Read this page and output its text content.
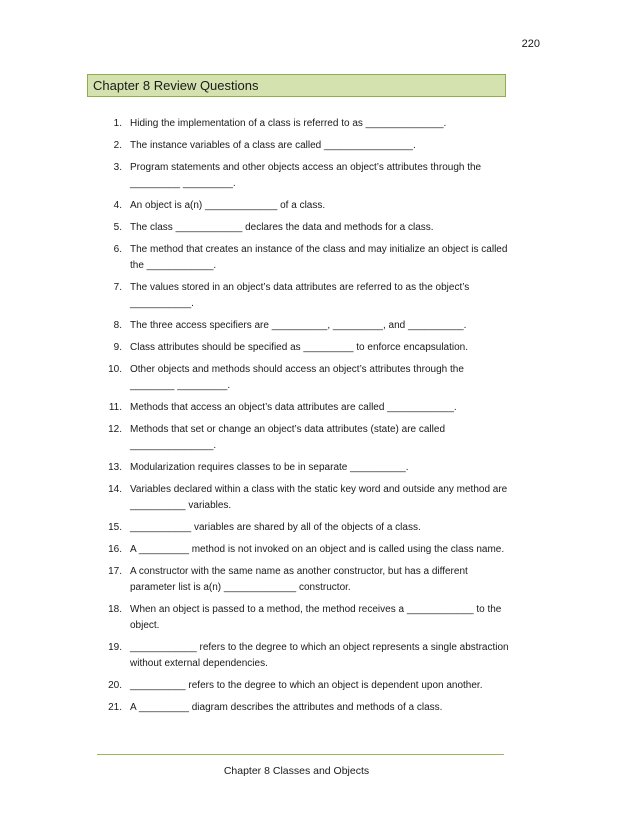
220
Chapter 8 Review Questions
1. Hiding the implementation of a class is referred to as ______________.
2. The instance variables of a class are called ________________.
3. Program statements and other objects access an object’s attributes through the _________ _________.
4. An object is a(n) _____________ of a class.
5. The class ____________ declares the data and methods for a class.
6. The method that creates an instance of the class and may initialize an object is called the ____________.
7. The values stored in an object’s data attributes are referred to as the object’s ___________.
8. The three access specifiers are __________, _________, and __________.
9. Class attributes should be specified as _________ to enforce encapsulation.
10. Other objects and methods should access an object’s attributes through the ________ _________.
11. Methods that access an object’s data attributes are called ____________.
12. Methods that set or change an object’s data attributes (state) are called _______________.
13. Modularization requires classes to be in separate __________.
14. Variables declared within a class with the static key word and outside any method are __________ variables.
15. ___________ variables are shared by all of the objects of a class.
16. A _________ method is not invoked on an object and is called using the class name.
17. A constructor with the same name as another constructor, but has a different parameter list is a(n) _____________ constructor.
18. When an object is passed to a method, the method receives a ____________ to the object.
19. ____________ refers to the degree to which an object represents a single abstraction without external dependencies.
20. __________ refers to the degree to which an object is dependent upon another.
21. A _________ diagram describes the attributes and methods of a class.
Chapter 8 Classes and Objects
